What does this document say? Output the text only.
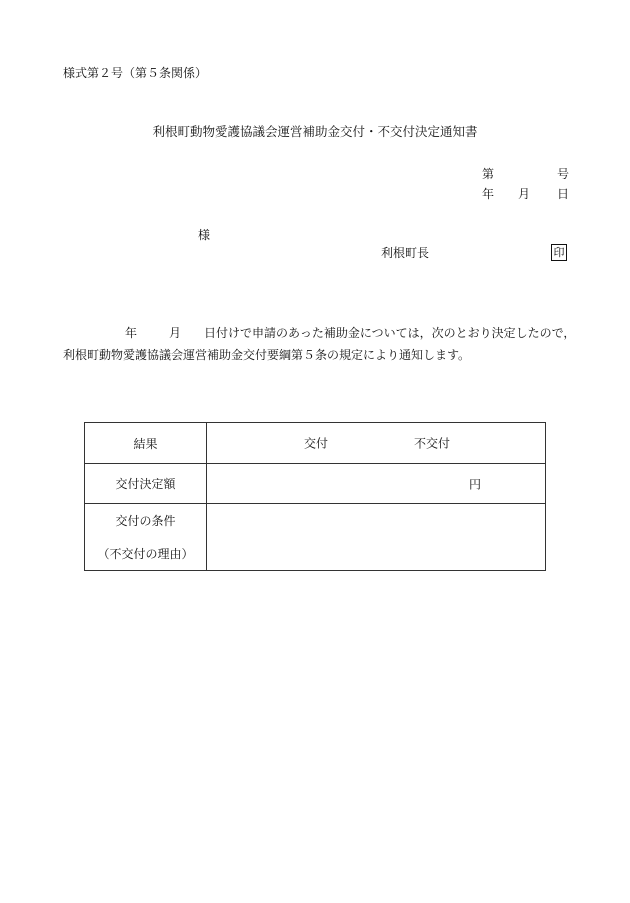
様式第２号（第５条関係）
利根町動物愛護協議会運営補助金交付・不交付決定通知書
第	号
年 月 日
様
利根町長	印
年	月 日付けで申請のあった補助金については，次のとおり決定したので，
利根町動物愛護協議会運営補助金交付要綱第５条の規定により通知します。
結果	交付 不交付

交付決定額	円

交付の条件
（不交付の理由）	
